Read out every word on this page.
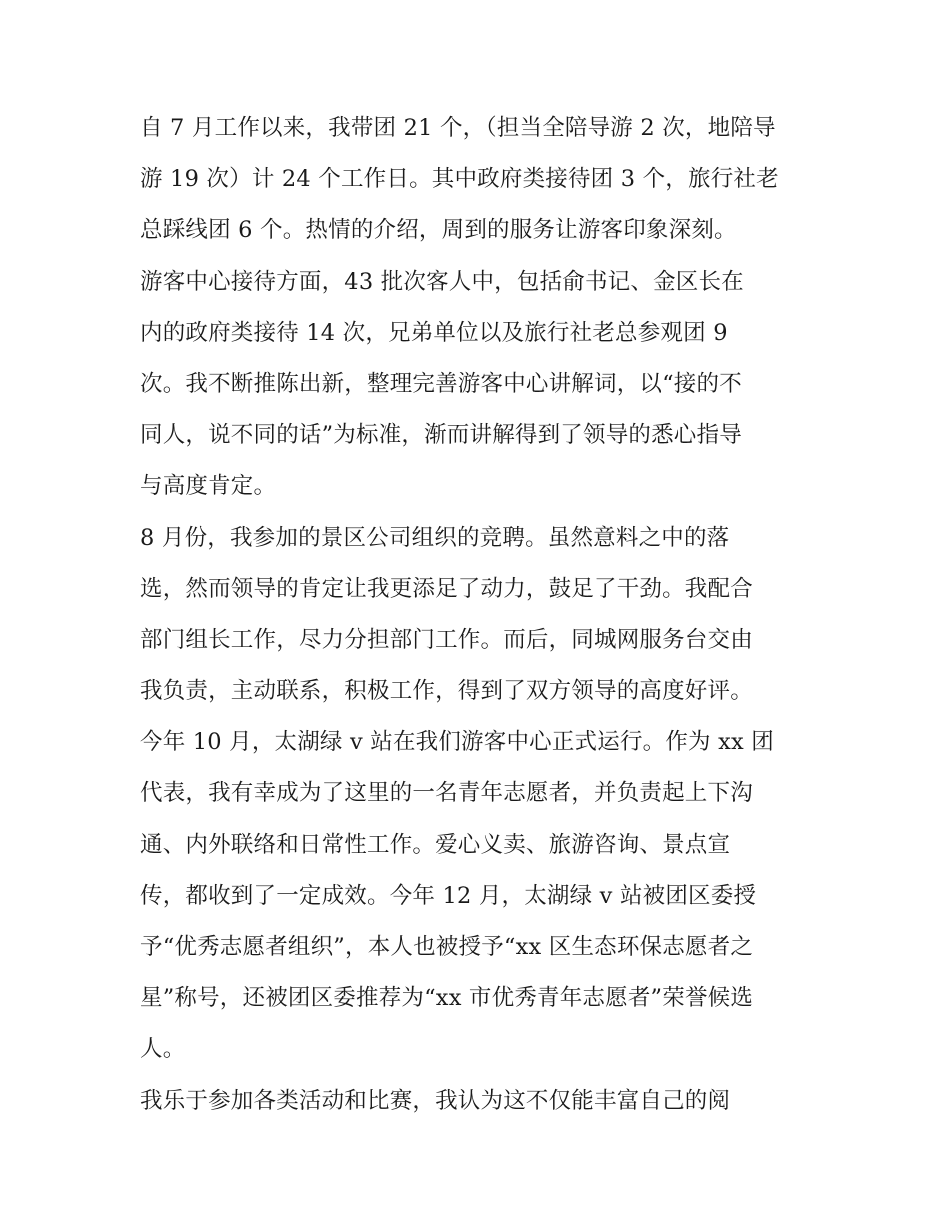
自 7 月工作以来，我带团 21 个，（担当全陪导游 2 次，地陪导
游 19 次）计 24 个工作日。其中政府类接待团 3 个，旅行社老
总踩线团 6 个。热情的介绍，周到的服务让游客印象深刻。
游客中心接待方面，43 批次客人中，包括俞书记、金区长在
内的政府类接待 14 次，兄弟单位以及旅行社老总参观团 9
次。我不断推陈出新，整理完善游客中心讲解词，以“接的不
同人，说不同的话”为标准，渐而讲解得到了领导的悉心指导
与高度肯定。
8 月份，我参加的景区公司组织的竞聘。虽然意料之中的落
选，然而领导的肯定让我更添足了动力，鼓足了干劲。我配合
部门组长工作，尽力分担部门工作。而后，同城网服务台交由
我负责，主动联系，积极工作，得到了双方领导的高度好评。
今年 10 月，太湖绿 v 站在我们游客中心正式运行。作为 xx 团
代表，我有幸成为了这里的一名青年志愿者，并负责起上下沟
通、内外联络和日常性工作。爱心义卖、旅游咨询、景点宣
传，都收到了一定成效。今年 12 月，太湖绿 v 站被团区委授
予“优秀志愿者组织”，本人也被授予“xx 区生态环保志愿者之
星”称号，还被团区委推荐为“xx 市优秀青年志愿者”荣誉候选
人。
我乐于参加各类活动和比赛，我认为这不仅能丰富自己的阅
